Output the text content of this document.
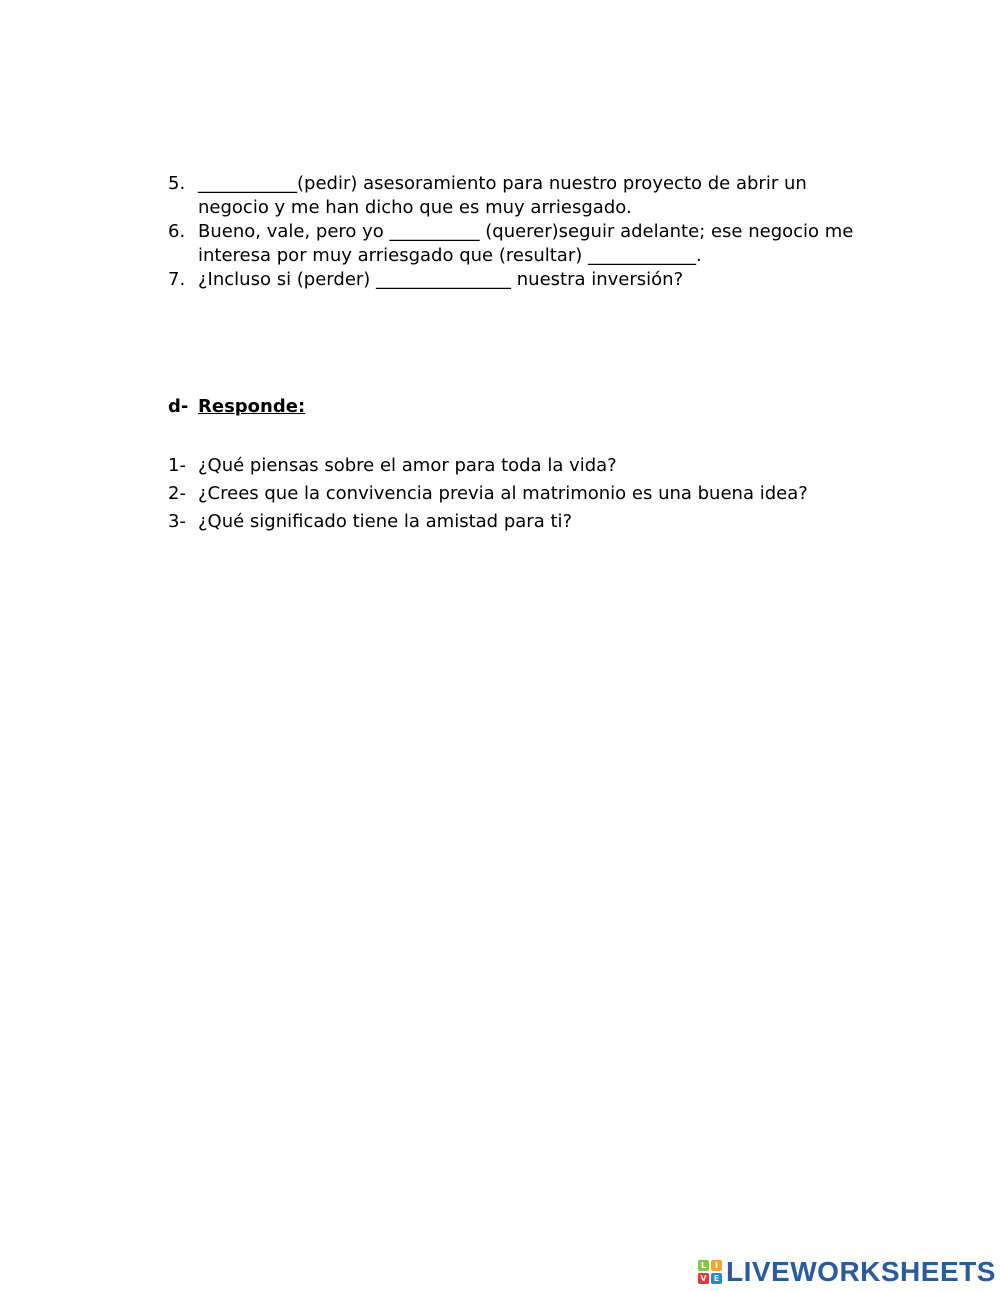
5. ___________(pedir) asesoramiento para nuestro proyecto de abrir un negocio y me han dicho que es muy arriesgado.
6. Bueno, vale, pero yo __________ (querer)seguir adelante; ese negocio me interesa por muy arriesgado que (resultar) ____________.
7. ¿Incluso si (perder) _______________ nuestra inversión?
d- Responde:
1- ¿Qué piensas sobre el amor para toda la vida?
2- ¿Crees que la convivencia previa al matrimonio es una buena idea?
3- ¿Qué significado tiene la amistad para ti?
L	I
V E LIVEWORKSHEETS
